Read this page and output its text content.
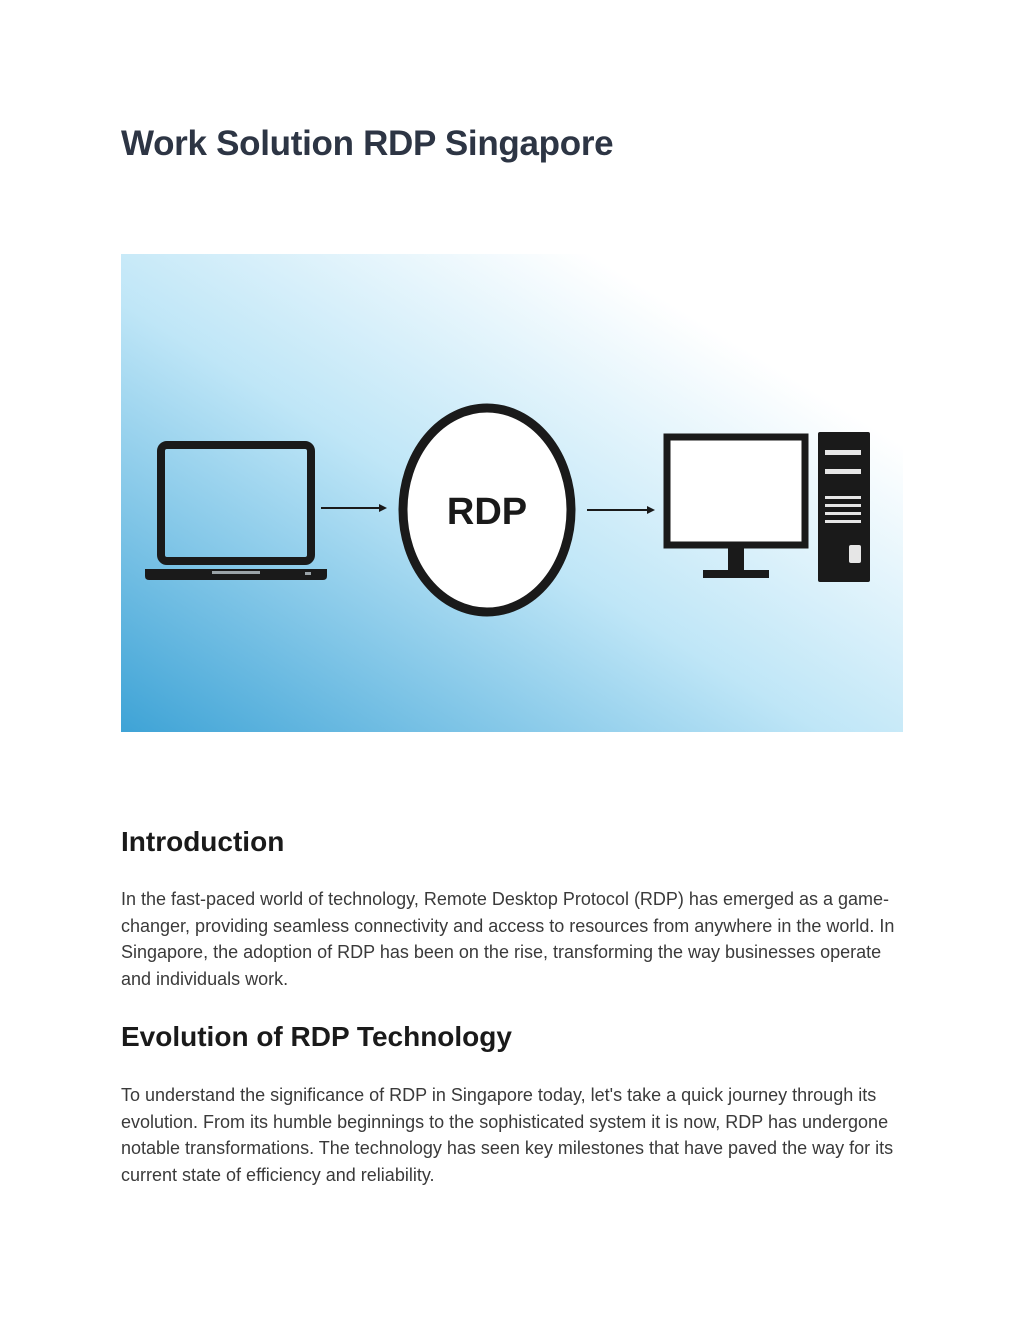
Work Solution RDP Singapore
RDP
Introduction

In the fast-paced world of technology, Remote Desktop Protocol (RDP) has emerged as a game-changer, providing seamless connectivity and access to resources from anywhere in the world. In Singapore, the adoption of RDP has been on the rise, transforming the way businesses operate and individuals work.

Evolution of RDP Technology

To understand the significance of RDP in Singapore today, let's take a quick journey through its evolution. From its humble beginnings to the sophisticated system it is now, RDP has undergone notable transformations. The technology has seen key milestones that have paved the way for its current state of efficiency and reliability.
